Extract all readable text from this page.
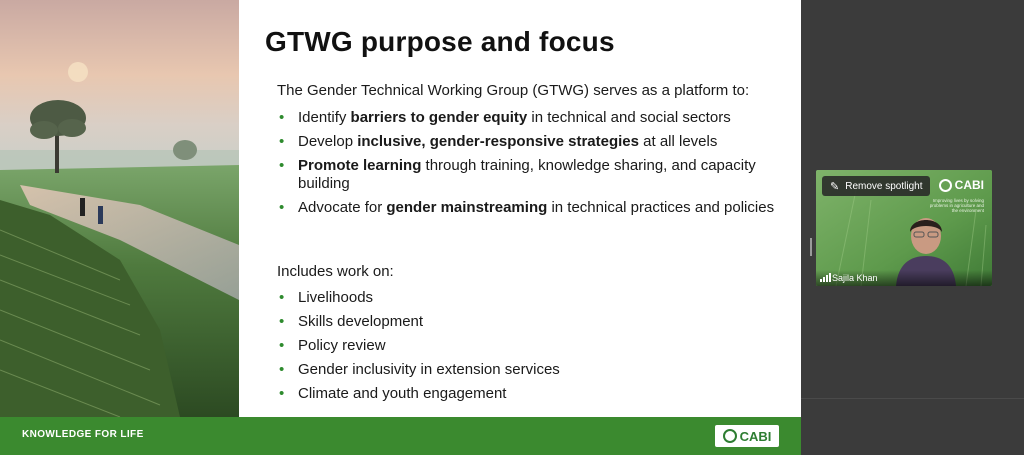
GTWG purpose and focus
The Gender Technical Working Group (GTWG) serves as a platform to:
• Identify barriers to gender equity in technical and social sectors
• Develop inclusive, gender-responsive strategies at all levels
• Promote learning through training, knowledge sharing, and capacity building
• Advocate for gender mainstreaming in technical practices and policies
Includes work on:
• Livelihoods
• Skills development
• Policy review
• Gender inclusivity in extension services
• Climate and youth engagement
KNOWLEDGE FOR LIFE	CABI
✎ Remove spotlight	CABI
Improving lives by solving problems in agriculture and the environment
Sajila Khan
